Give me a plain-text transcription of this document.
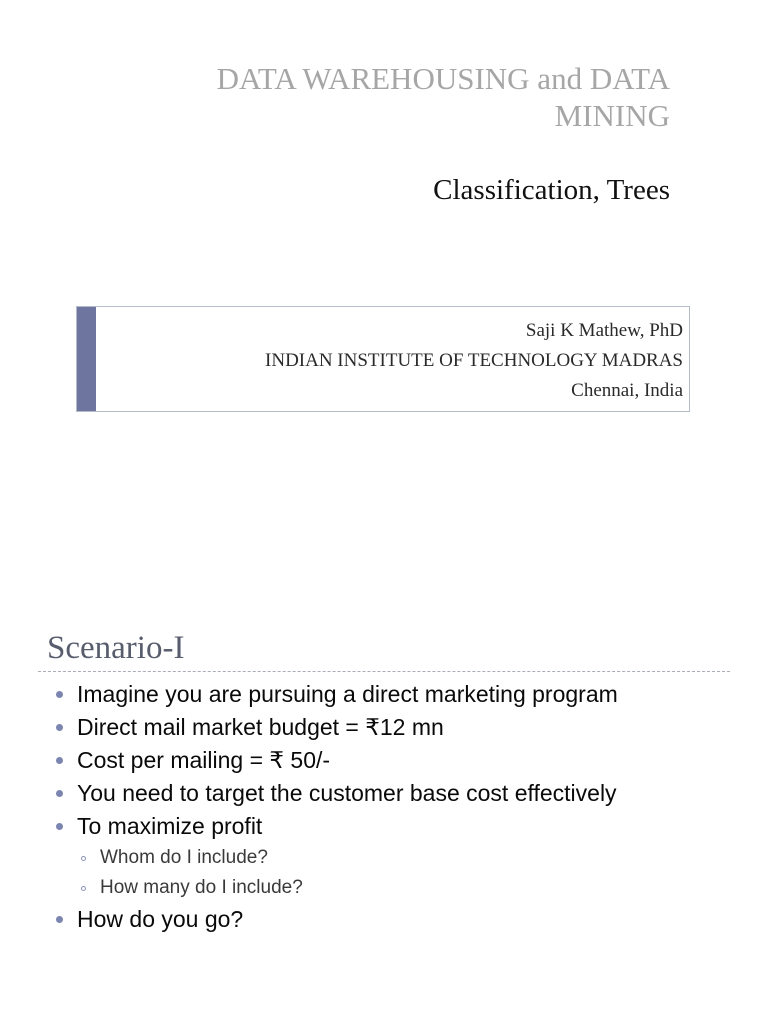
DATA WAREHOUSING and DATA MINING
Classification, Trees
Saji K Mathew, PhD
INDIAN INSTITUTE OF TECHNOLOGY MADRAS
Chennai, India
Scenario-I
Imagine you are pursuing a direct marketing program
Direct mail market budget = ₹12 mn
Cost per mailing = ₹ 50/-
You need to target the customer base cost effectively
To maximize profit
Whom do I include?
How many do I include?
How do you go?
